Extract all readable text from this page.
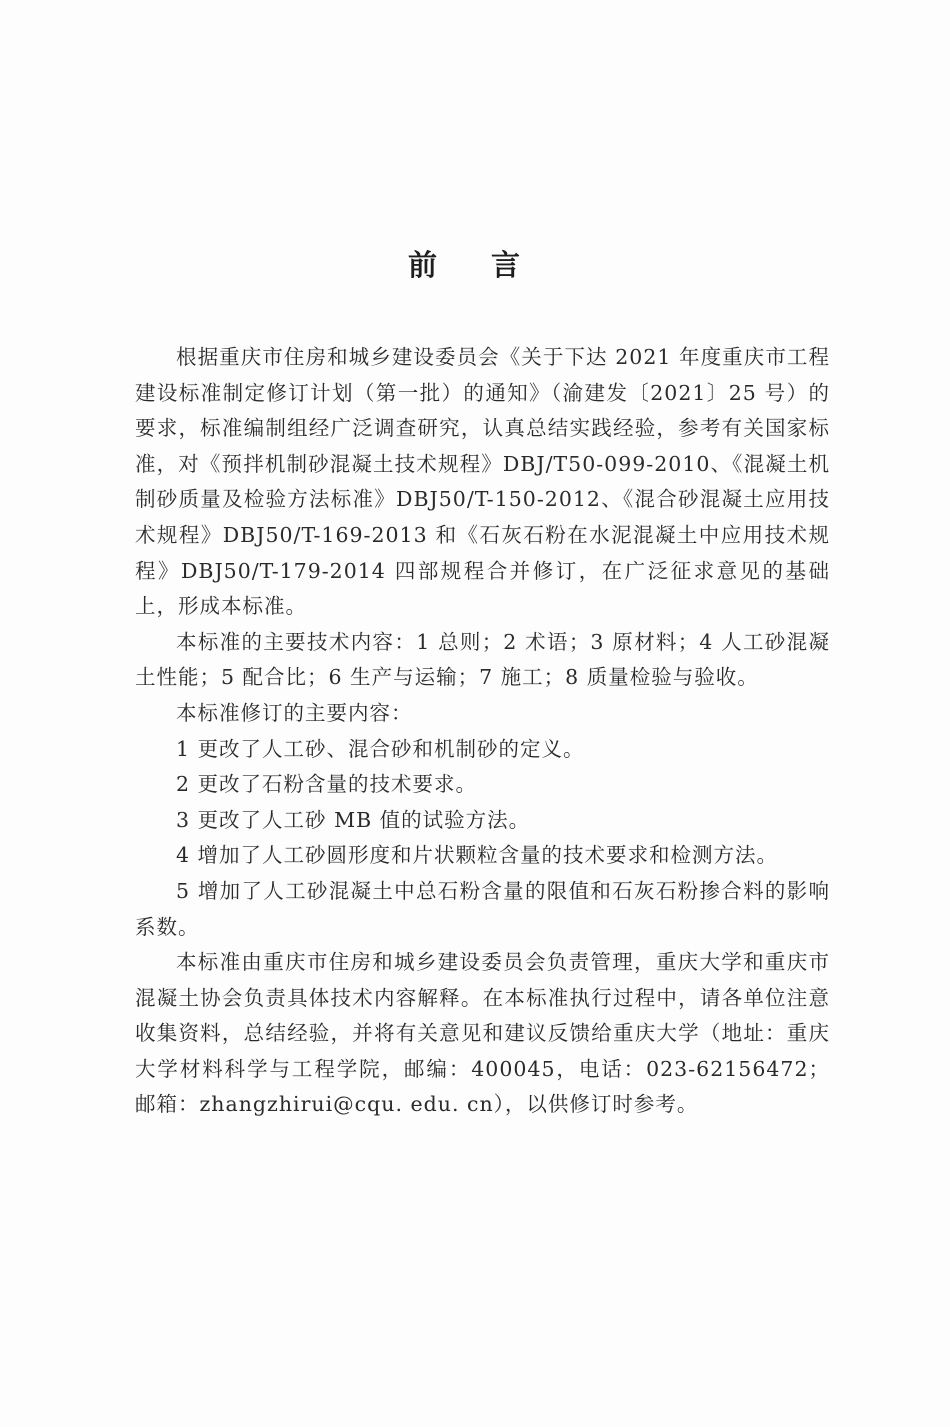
前 言

根据重庆市住房和城乡建设委员会《关于下达 2021 年度重庆市工程建设标准制定修订计划（第一批）的通知》（渝建发〔2021〕25 号）的要求，标准编制组经广泛调查研究，认真总结实践经验，参考有关国家标准，对《预拌机制砂混凝土技术规程》DBJ/T50-099-2010、《混凝土机制砂质量及检验方法标准》DBJ50/T-150-2012、《混合砂混凝土应用技术规程》DBJ50/T-169-2013 和《石灰石粉在水泥混凝土中应用技术规程》DBJ50/T-179-2014 四部规程合并修订，在广泛征求意见的基础上，形成本标准。

本标准的主要技术内容：1 总则；2 术语；3 原材料；4 人工砂混凝土性能；5 配合比；6 生产与运输；7 施工；8 质量检验与验收。

本标准修订的主要内容：

1 更改了人工砂、混合砂和机制砂的定义。

2 更改了石粉含量的技术要求。

3 更改了人工砂 MB 值的试验方法。

4 增加了人工砂圆形度和片状颗粒含量的技术要求和检测方法。

5 增加了人工砂混凝土中总石粉含量的限值和石灰石粉掺合料的影响系数。

本标准由重庆市住房和城乡建设委员会负责管理，重庆大学和重庆市混凝土协会负责具体技术内容解释。在本标准执行过程中，请各单位注意收集资料，总结经验，并将有关意见和建议反馈给重庆大学（地址：重庆大学材料科学与工程学院，邮编：400045，电话：023-62156472；邮箱：zhangzhirui@cqu. edu. cn），以供修订时参考。
